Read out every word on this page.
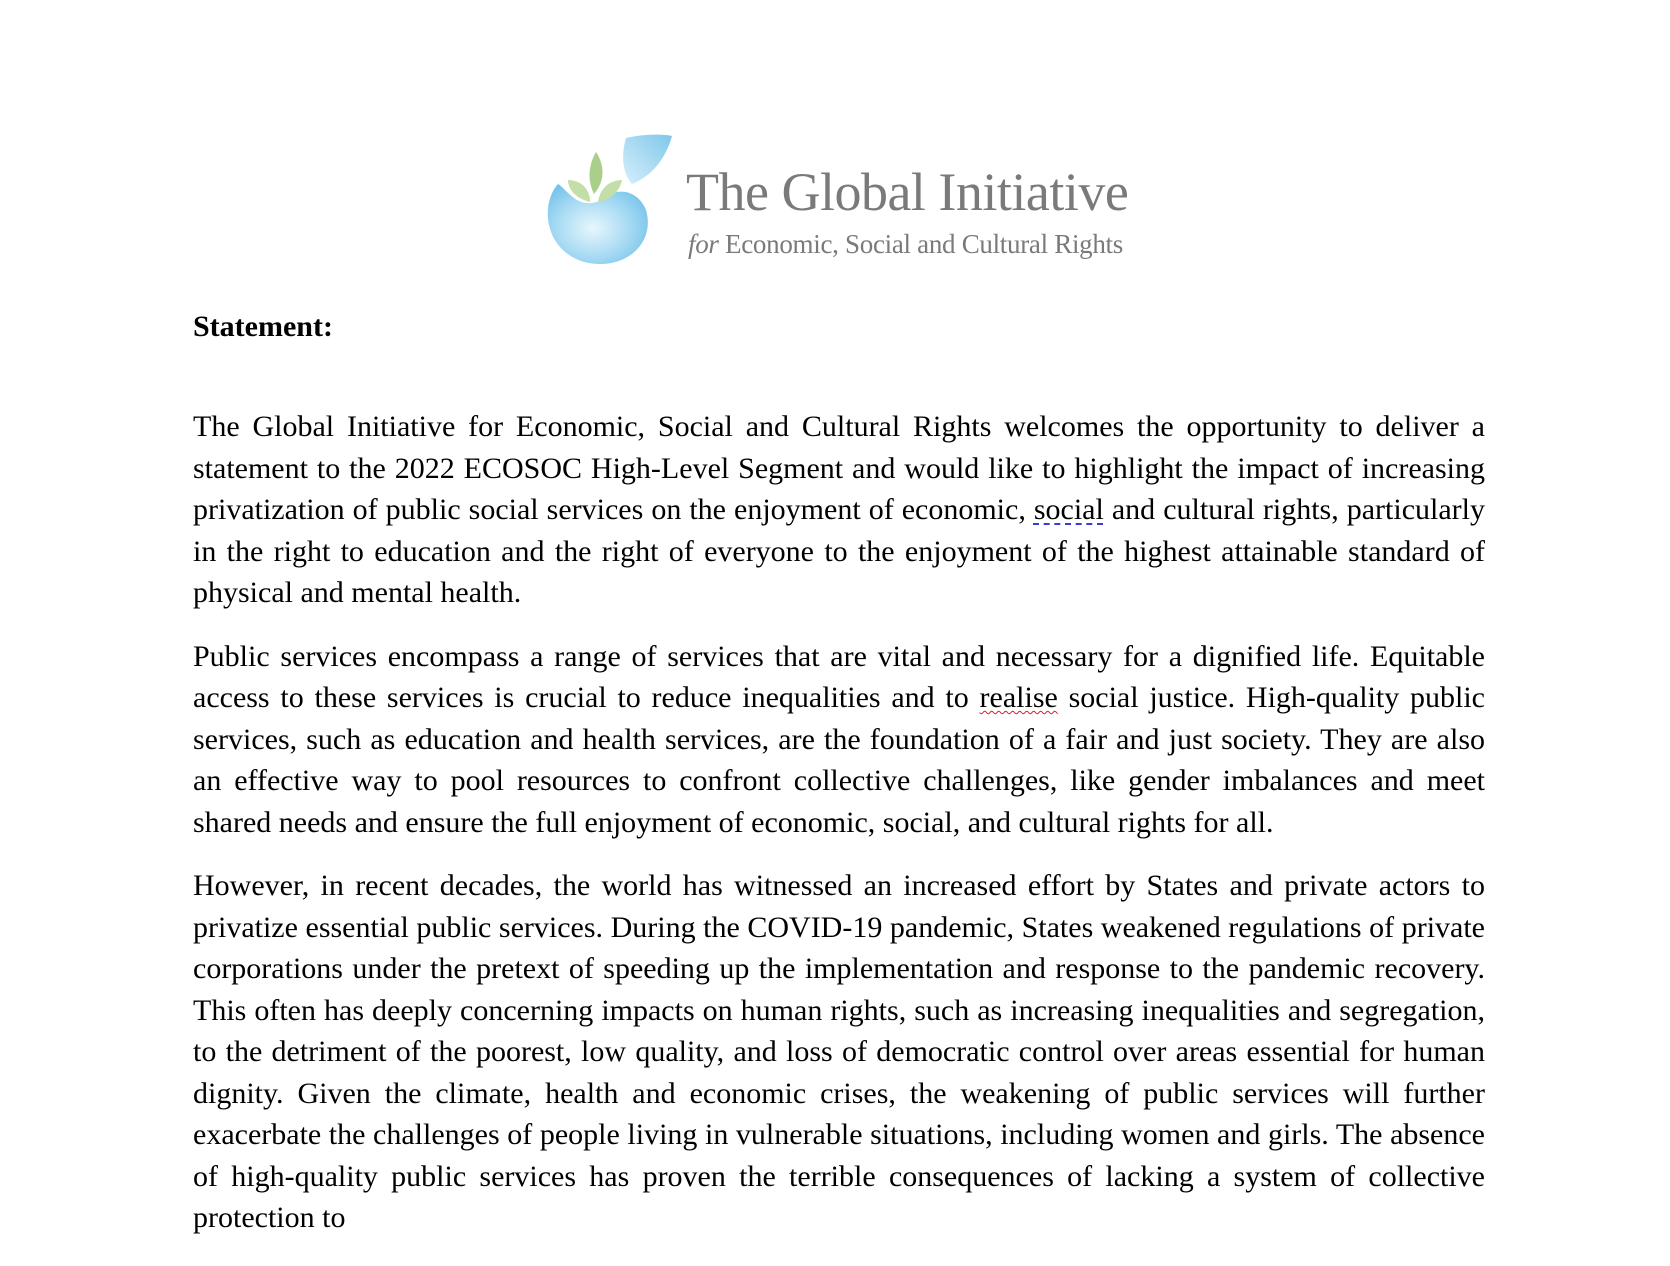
The Global Initiative
for Economic, Social and Cultural Rights
Statement:

The Global Initiative for Economic, Social and Cultural Rights welcomes the opportunity to deliver a statement to the 2022 ECOSOC High-Level Segment and would like to highlight the impact of increasing privatization of public social services on the enjoyment of economic, social and cultural rights, particularly in the right to education and the right of everyone to the enjoyment of the highest attainable standard of physical and mental health.

Public services encompass a range of services that are vital and necessary for a dignified life. Equitable access to these services is crucial to reduce inequalities and to realise social justice. High-quality public services, such as education and health services, are the foundation of a fair and just society. They are also an effective way to pool resources to confront collective challenges, like gender imbalances and meet shared needs and ensure the full enjoyment of economic, social, and cultural rights for all.

However, in recent decades, the world has witnessed an increased effort by States and private actors to privatize essential public services. During the COVID-19 pandemic, States weakened regulations of private corporations under the pretext of speeding up the implementation and response to the pandemic recovery. This often has deeply concerning impacts on human rights, such as increasing inequalities and segregation, to the detriment of the poorest, low quality, and loss of democratic control over areas essential for human dignity. Given the climate, health and economic crises, the weakening of public services will further exacerbate the challenges of people living in vulnerable situations, including women and girls. The absence of high-quality public services has proven the terrible consequences of lacking a system of collective protection to
